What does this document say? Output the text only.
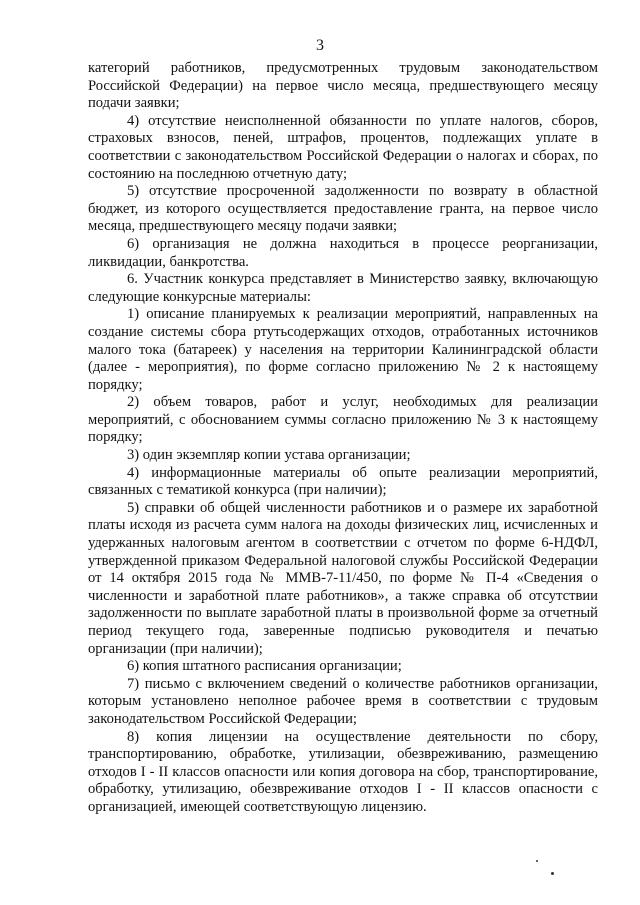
3

категорий работников, предусмотренных трудовым законодательством Российской Федерации) на первое число месяца, предшествующего месяцу подачи заявки;

4) отсутствие неисполненной обязанности по уплате налогов, сборов, страховых взносов, пеней, штрафов, процентов, подлежащих уплате в соответствии с законодательством Российской Федерации о налогах и сборах, по состоянию на последнюю отчетную дату;

5) отсутствие просроченной задолженности по возврату в областной бюджет, из которого осуществляется предоставление гранта, на первое число месяца, предшествующего месяцу подачи заявки;

6) организация не должна находиться в процессе реорганизации, ликвидации, банкротства.

6. Участник конкурса представляет в Министерство заявку, включающую следующие конкурсные материалы:

1) описание планируемых к реализации мероприятий, направленных на создание системы сбора ртутьсодержащих отходов, отработанных источников малого тока (батареек) у населения на территории Калининградской области (далее - мероприятия), по форме согласно приложению № 2 к настоящему порядку;

2) объем товаров, работ и услуг, необходимых для реализации мероприятий, с обоснованием суммы согласно приложению № 3 к настоящему порядку;

3) один экземпляр копии устава организации;

4) информационные материалы об опыте реализации мероприятий, связанных с тематикой конкурса (при наличии);

5) справки об общей численности работников и о размере их заработной платы исходя из расчета сумм налога на доходы физических лиц, исчисленных и удержанных налоговым агентом в соответствии с отчетом по форме 6-НДФЛ, утвержденной приказом Федеральной налоговой службы Российской Федерации от 14 октября 2015 года № ММВ-7-11/450, по форме № П-4 «Сведения о численности и заработной плате работников», а также справка об отсутствии задолженности по выплате заработной платы в произвольной форме за отчетный период текущего года, заверенные подписью руководителя и печатью организации (при наличии);

6) копия штатного расписания организации;

7) письмо с включением сведений о количестве работников организации, которым установлено неполное рабочее время в соответствии с трудовым законодательством Российской Федерации;

8) копия лицензии на осуществление деятельности по сбору, транспортированию, обработке, утилизации, обезвреживанию, размещению отходов I - II классов опасности или копия договора на сбор, транспортирование, обработку, утилизацию, обезвреживание отходов I - II классов опасности с организацией, имеющей соответствующую лицензию.
